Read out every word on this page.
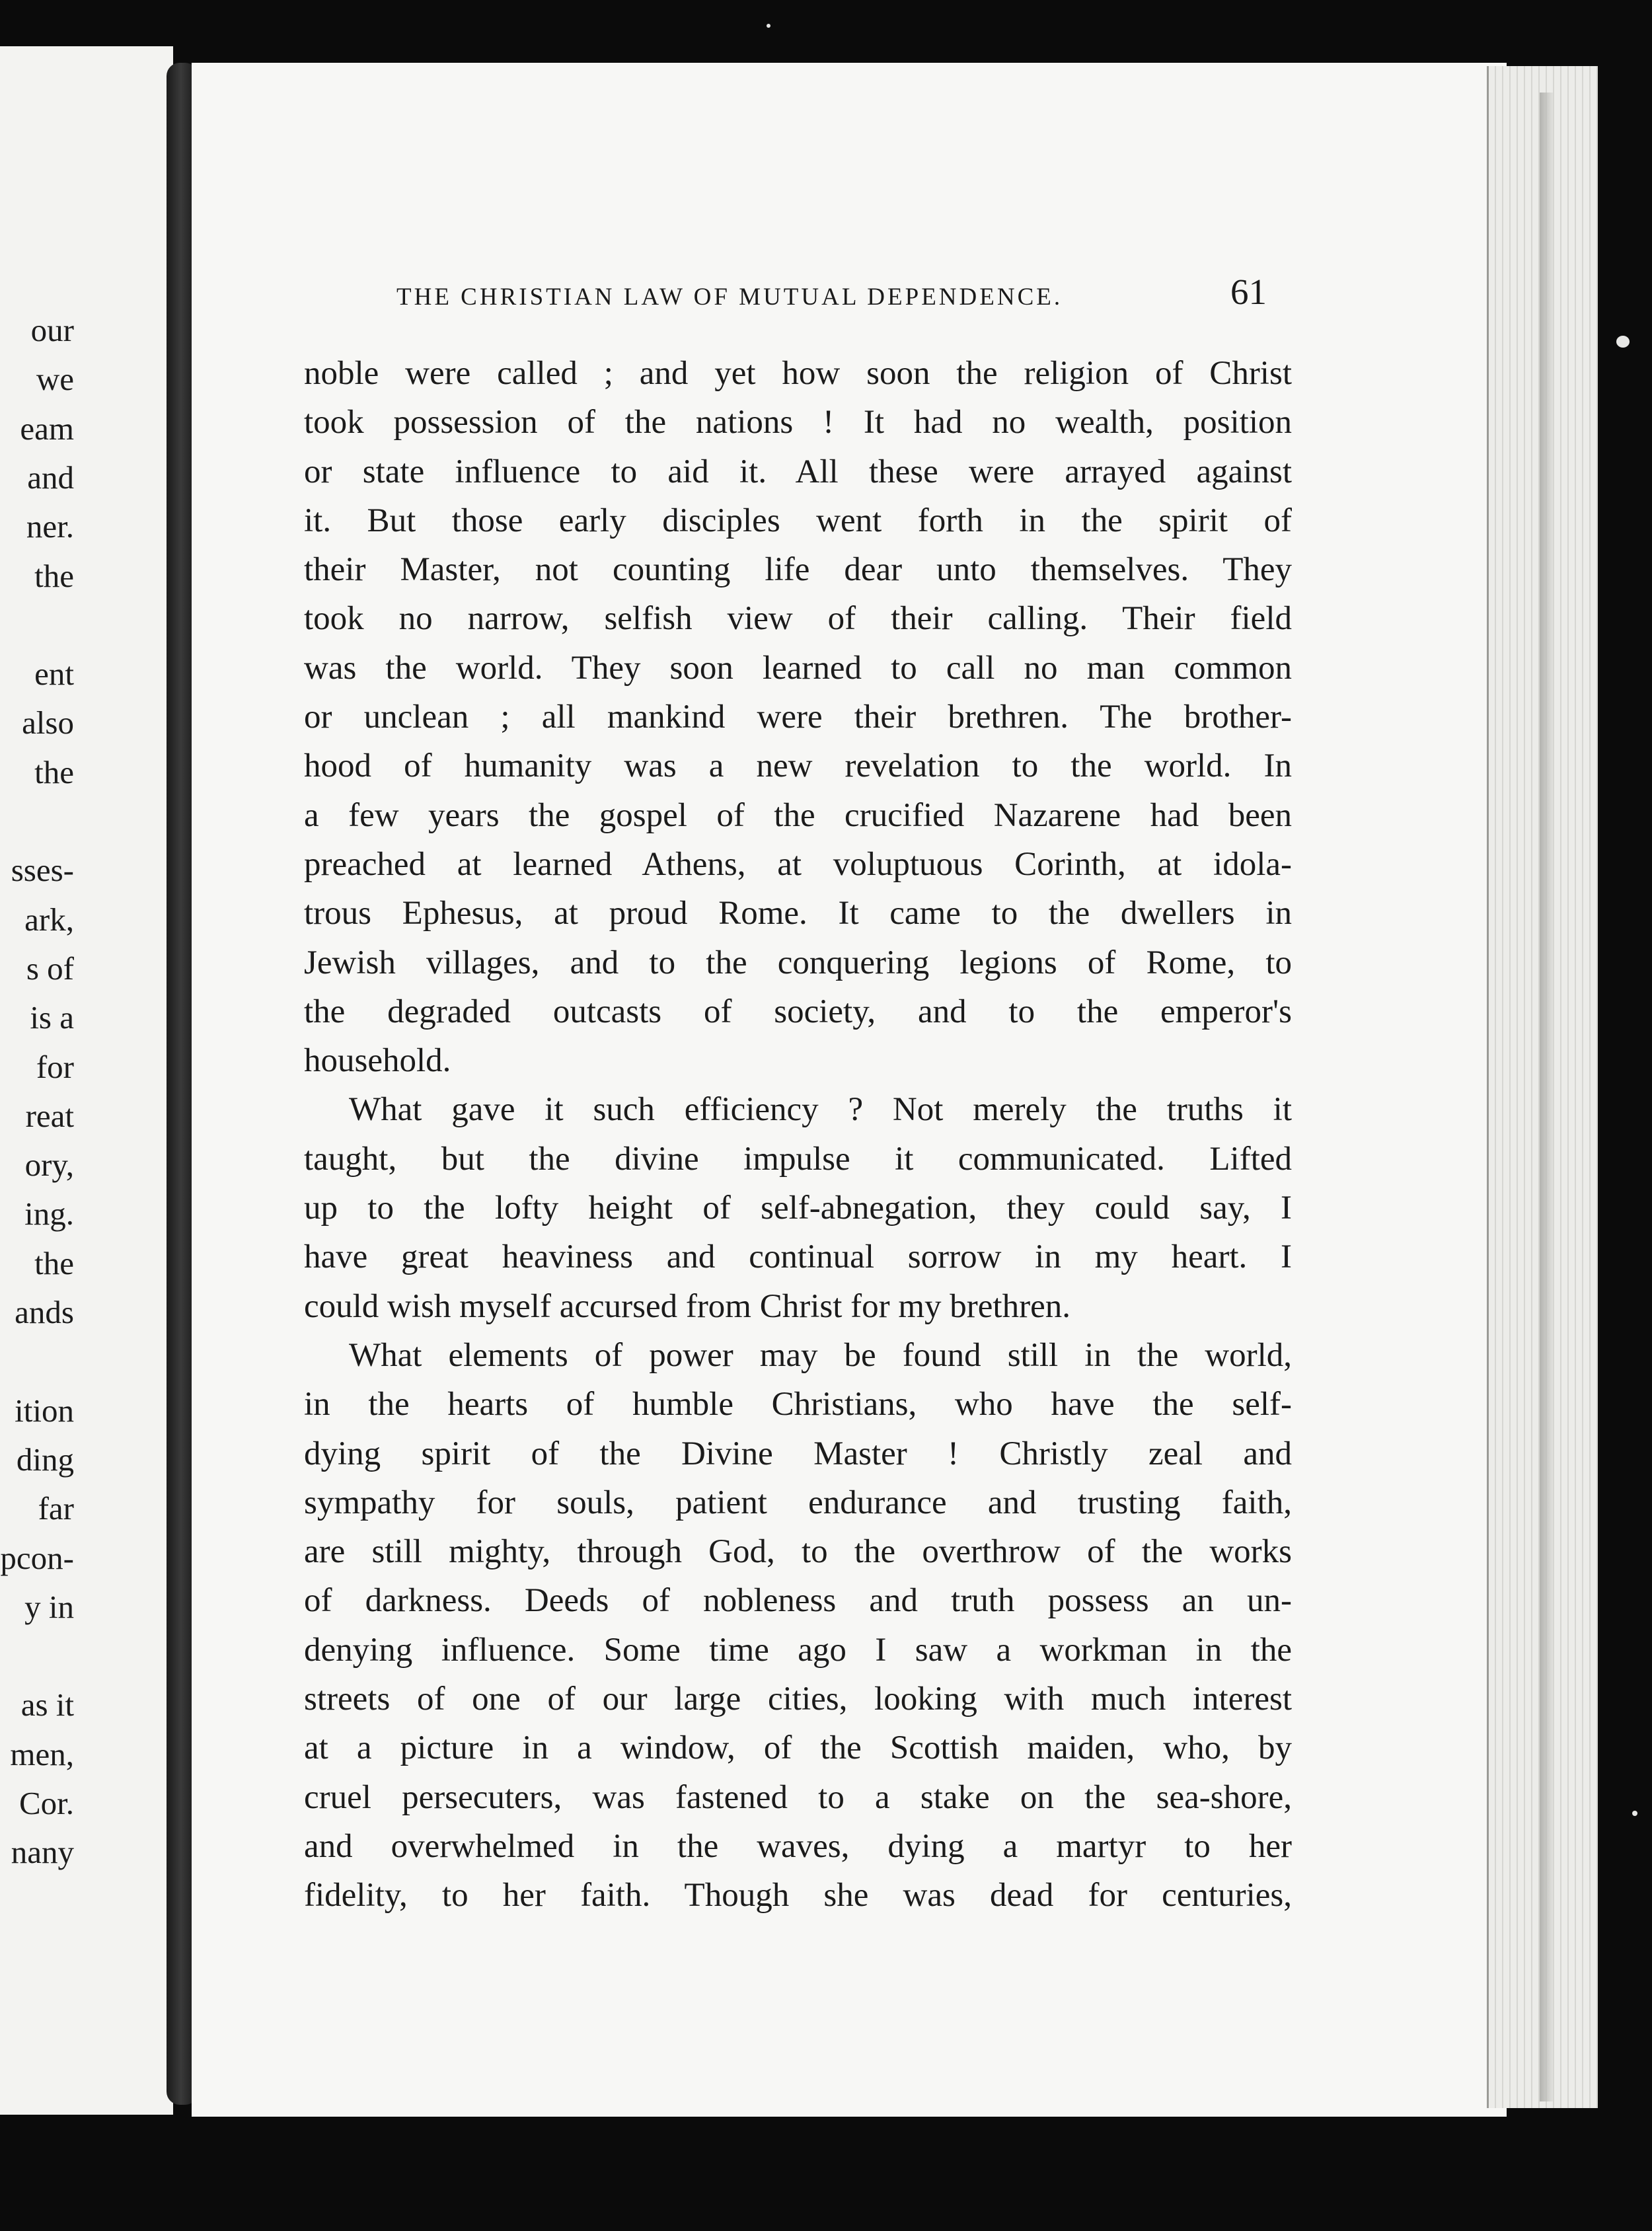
our
we
eam
and
ner.
the
ent
also
the
sses-
ark,
s of
is a
for
reat
ory,
ing.
the
ands
ition
ding
far
pcon-
y in
as it
men,
Cor.
nany
THE CHRISTIAN LAW OF MUTUAL DEPENDENCE.	61
noble were called ; and yet how soon the religion of Christ
took possession of the nations ! It had no wealth, position
or state influence to aid it. All these were arrayed against
it. But those early disciples went forth in the spirit of
their Master, not counting life dear unto themselves. They
took no narrow, selfish view of their calling. Their field
was the world. They soon learned to call no man common
or unclean ; all mankind were their brethren. The brother-
hood of humanity was a new revelation to the world. In
a few years the gospel of the crucified Nazarene had been
preached at learned Athens, at voluptuous Corinth, at idola-
trous Ephesus, at proud Rome. It came to the dwellers in
Jewish villages, and to the conquering legions of Rome, to
the degraded outcasts of society, and to the emperor's
household.
What gave it such efficiency ? Not merely the truths it
taught, but the divine impulse it communicated. Lifted
up to the lofty height of self-abnegation, they could say, I
have great heaviness and continual sorrow in my heart. I
could wish myself accursed from Christ for my brethren.
What elements of power may be found still in the world,
in the hearts of humble Christians, who have the self-
dying spirit of the Divine Master ! Christly zeal and
sympathy for souls, patient endurance and trusting faith,
are still mighty, through God, to the overthrow of the works
of darkness. Deeds of nobleness and truth possess an un-
denying influence. Some time ago I saw a workman in the
streets of one of our large cities, looking with much interest
at a picture in a window, of the Scottish maiden, who, by
cruel persecuters, was fastened to a stake on the sea-shore,
and overwhelmed in the waves, dying a martyr to her
fidelity, to her faith. Though she was dead for centuries,
